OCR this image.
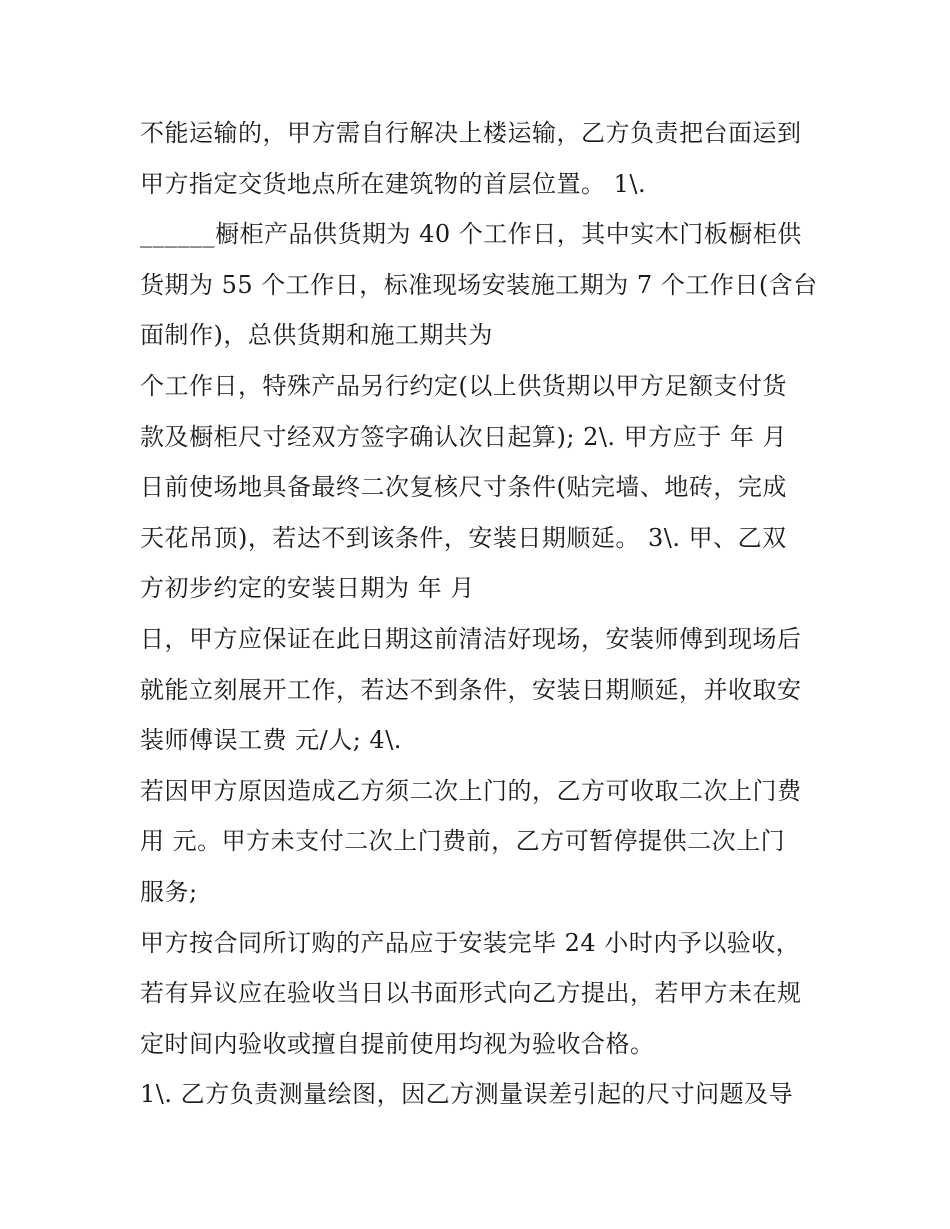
不能运输的，甲方需自行解决上楼运输，乙方负责把台面运到
甲方指定交货地点所在建筑物的首层位置。 1\.
______橱柜产品供货期为 40 个工作日，其中实木门板橱柜供
货期为 55 个工作日，标准现场安装施工期为 7 个工作日(含台
面制作)，总供货期和施工期共为
个工作日，特殊产品另行约定(以上供货期以甲方足额支付货
款及橱柜尺寸经双方签字确认次日起算); 2\. 甲方应于 年 月
日前使场地具备最终二次复核尺寸条件(贴完墙、地砖，完成
天花吊顶)，若达不到该条件，安装日期顺延。 3\. 甲、乙双
方初步约定的安装日期为 年 月
日，甲方应保证在此日期这前清洁好现场，安装师傅到现场后
就能立刻展开工作，若达不到条件，安装日期顺延，并收取安
装师傅误工费 元/人; 4\.
若因甲方原因造成乙方须二次上门的，乙方可收取二次上门费
用 元。甲方未支付二次上门费前，乙方可暂停提供二次上门
服务;
甲方按合同所订购的产品应于安装完毕 24 小时内予以验收，
若有异议应在验收当日以书面形式向乙方提出，若甲方未在规
定时间内验收或擅自提前使用均视为验收合格。
1\. 乙方负责测量绘图，因乙方测量误差引起的尺寸问题及导
